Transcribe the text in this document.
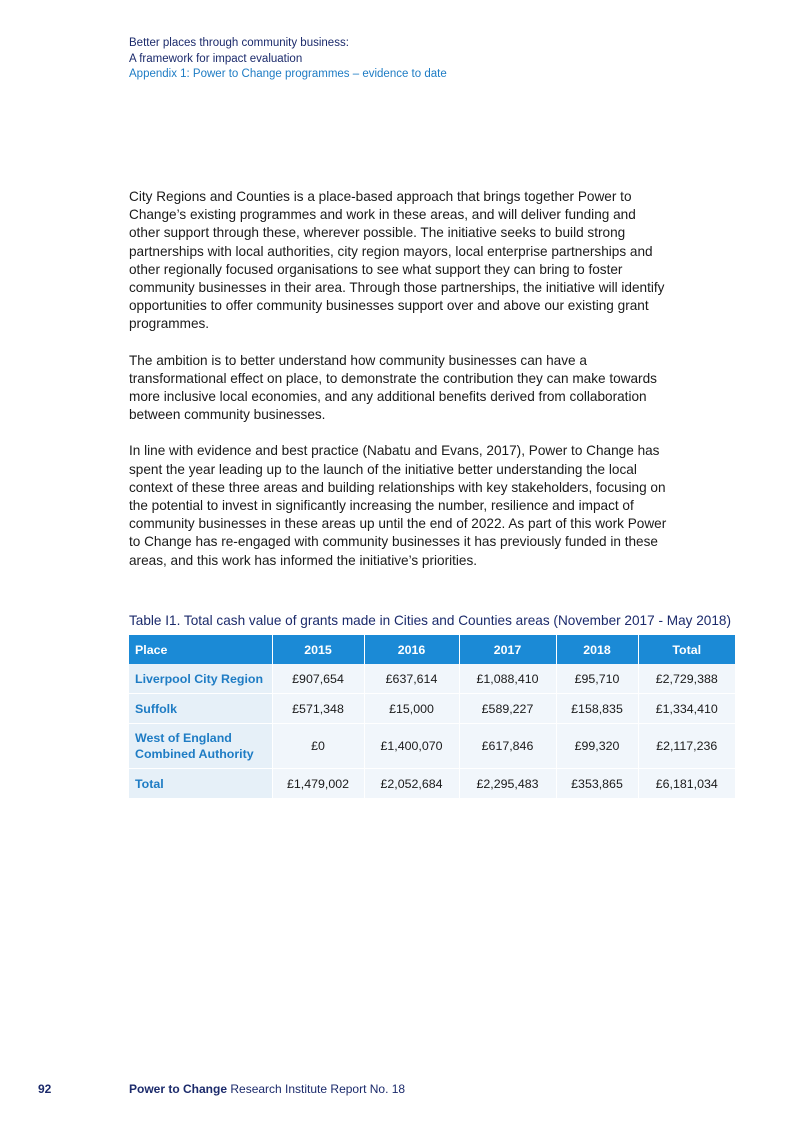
Better places through community business:
A framework for impact evaluation
Appendix 1: Power to Change programmes – evidence to date

City Regions and Counties is a place-based approach that brings together Power to Change’s existing programmes and work in these areas, and will deliver funding and other support through these, wherever possible. The initiative seeks to build strong partnerships with local authorities, city region mayors, local enterprise partnerships and other regionally focused organisations to see what support they can bring to foster community businesses in their area. Through those partnerships, the initiative will identify opportunities to offer community businesses support over and above our existing grant programmes.

The ambition is to better understand how community businesses can have a transformational effect on place, to demonstrate the contribution they can make towards more inclusive local economies, and any additional benefits derived from collaboration between community businesses.

In line with evidence and best practice (Nabatu and Evans, 2017), Power to Change has spent the year leading up to the launch of the initiative better understanding the local context of these three areas and building relationships with key stakeholders, focusing on the potential to invest in significantly increasing the number, resilience and impact of community businesses in these areas up until the end of 2022. As part of this work Power to Change has re-engaged with community businesses it has previously funded in these areas, and this work has informed the initiative’s priorities.

Table I1. Total cash value of grants made in Cities and Counties areas (November 2017 - May 2018)
Place	2015	2016	2017	2018	Total
Liverpool City Region	£907,654	£637,614	£1,088,410	£95,710	£2,729,388
Suffolk	£571,348	£15,000	£589,227	£158,835	£1,334,410
West of England Combined Authority	£0	£1,400,070	£617,846	£99,320	£2,117,236
Total	£1,479,002	£2,052,684	£2,295,483	£353,865	£6,181,034
92	Power to Change Research Institute Report No. 18
